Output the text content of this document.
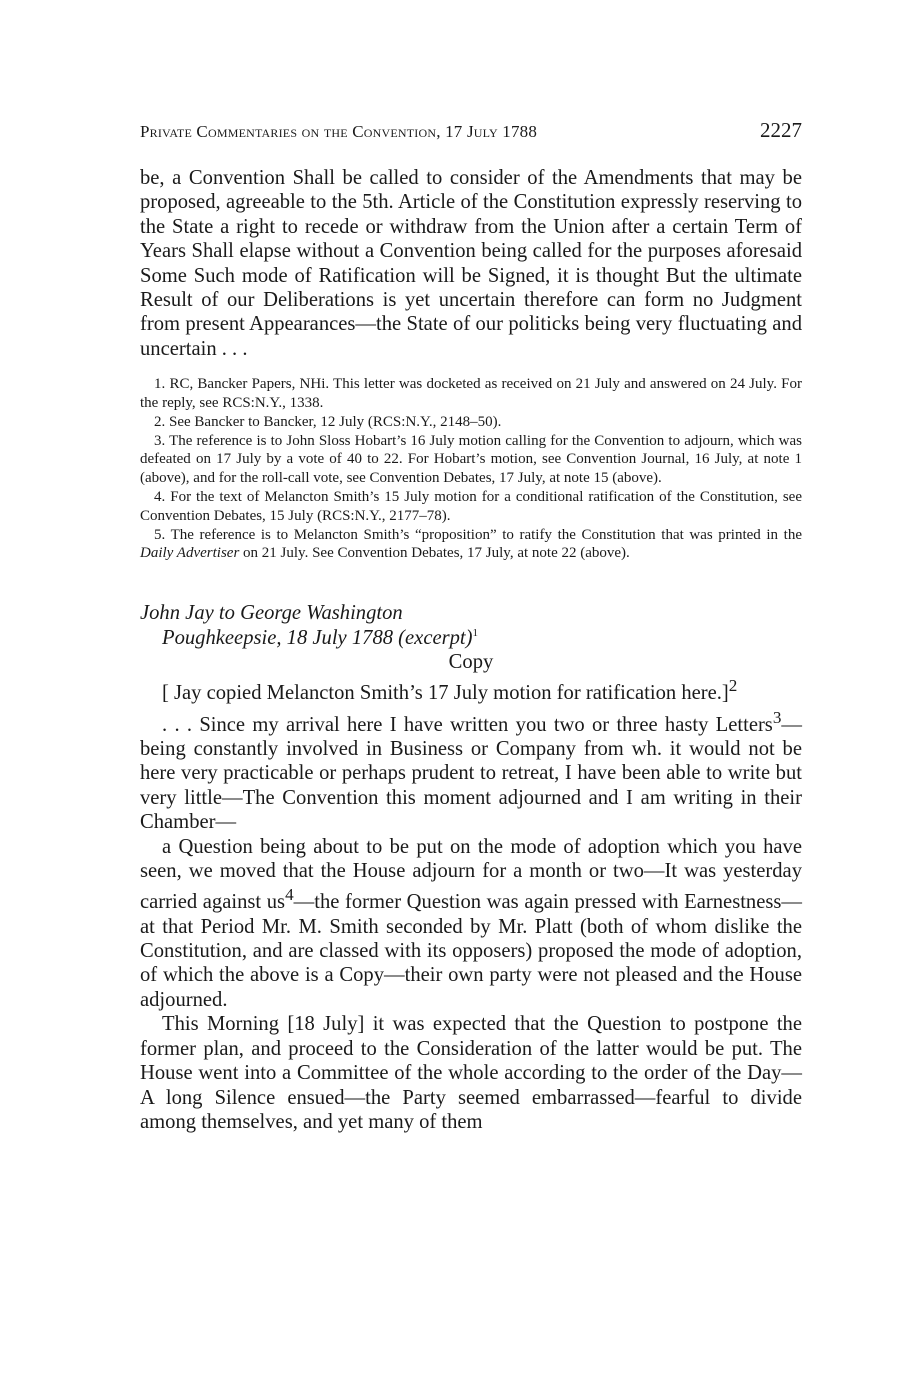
Private Commentaries on the Convention, 17 July 1788	2227

be, a Convention Shall be called to consider of the Amendments that may be proposed, agreeable to the 5th. Article of the Constitution expressly reserving to the State a right to recede or withdraw from the Union after a certain Term of Years Shall elapse without a Convention being called for the purposes aforesaid Some Such mode of Ratification will be Signed, it is thought But the ultimate Result of our Deliberations is yet uncertain therefore can form no Judgment from present Appearances—the State of our politicks being very fluctuating and uncertain . . .

1. RC, Bancker Papers, NHi. This letter was docketed as received on 21 July and answered on 24 July. For the reply, see RCS:N.Y., 1338.

2. See Bancker to Bancker, 12 July (RCS:N.Y., 2148–50).

3. The reference is to John Sloss Hobart’s 16 July motion calling for the Convention to adjourn, which was defeated on 17 July by a vote of 40 to 22. For Hobart’s motion, see Convention Journal, 16 July, at note 1 (above), and for the roll-call vote, see Convention Debates, 17 July, at note 15 (above).

4. For the text of Melancton Smith’s 15 July motion for a conditional ratification of the Constitution, see Convention Debates, 15 July (RCS:N.Y., 2177–78).

5. The reference is to Melancton Smith’s “proposition” to ratify the Constitution that was printed in the Daily Advertiser on 21 July. See Convention Debates, 17 July, at note 22 (above).

John Jay to George Washington
Poughkeepsie, 18 July 1788 (excerpt)$^1$
Copy

[ Jay copied Melancton Smith’s 17 July motion for ratification here.]$^2$

. . . Since my arrival here I have written you two or three hasty Letters$^3$—being constantly involved in Business or Company from wh. it would not be here very practicable or perhaps prudent to retreat, I have been able to write but very little—The Convention this moment adjourned and I am writing in their Chamber—

a Question being about to be put on the mode of adoption which you have seen, we moved that the House adjourn for a month or two—It was yesterday carried against $us^4—the$ former Question was again pressed with Earnestness—at that Period Mr. M. Smith seconded by Mr. Platt (both of whom dislike the Constitution, and are classed with its opposers) proposed the mode of adoption, of which the above is a Copy—their own party were not pleased and the House adjourned.

This Morning [18 July] it was expected that the Question to postpone the former plan, and proceed to the Consideration of the latter would be put. The House went into a Committee of the whole according to the order of the Day—A long Silence ensued—the Party seemed embarrassed—fearful to divide among themselves, and yet many of them
